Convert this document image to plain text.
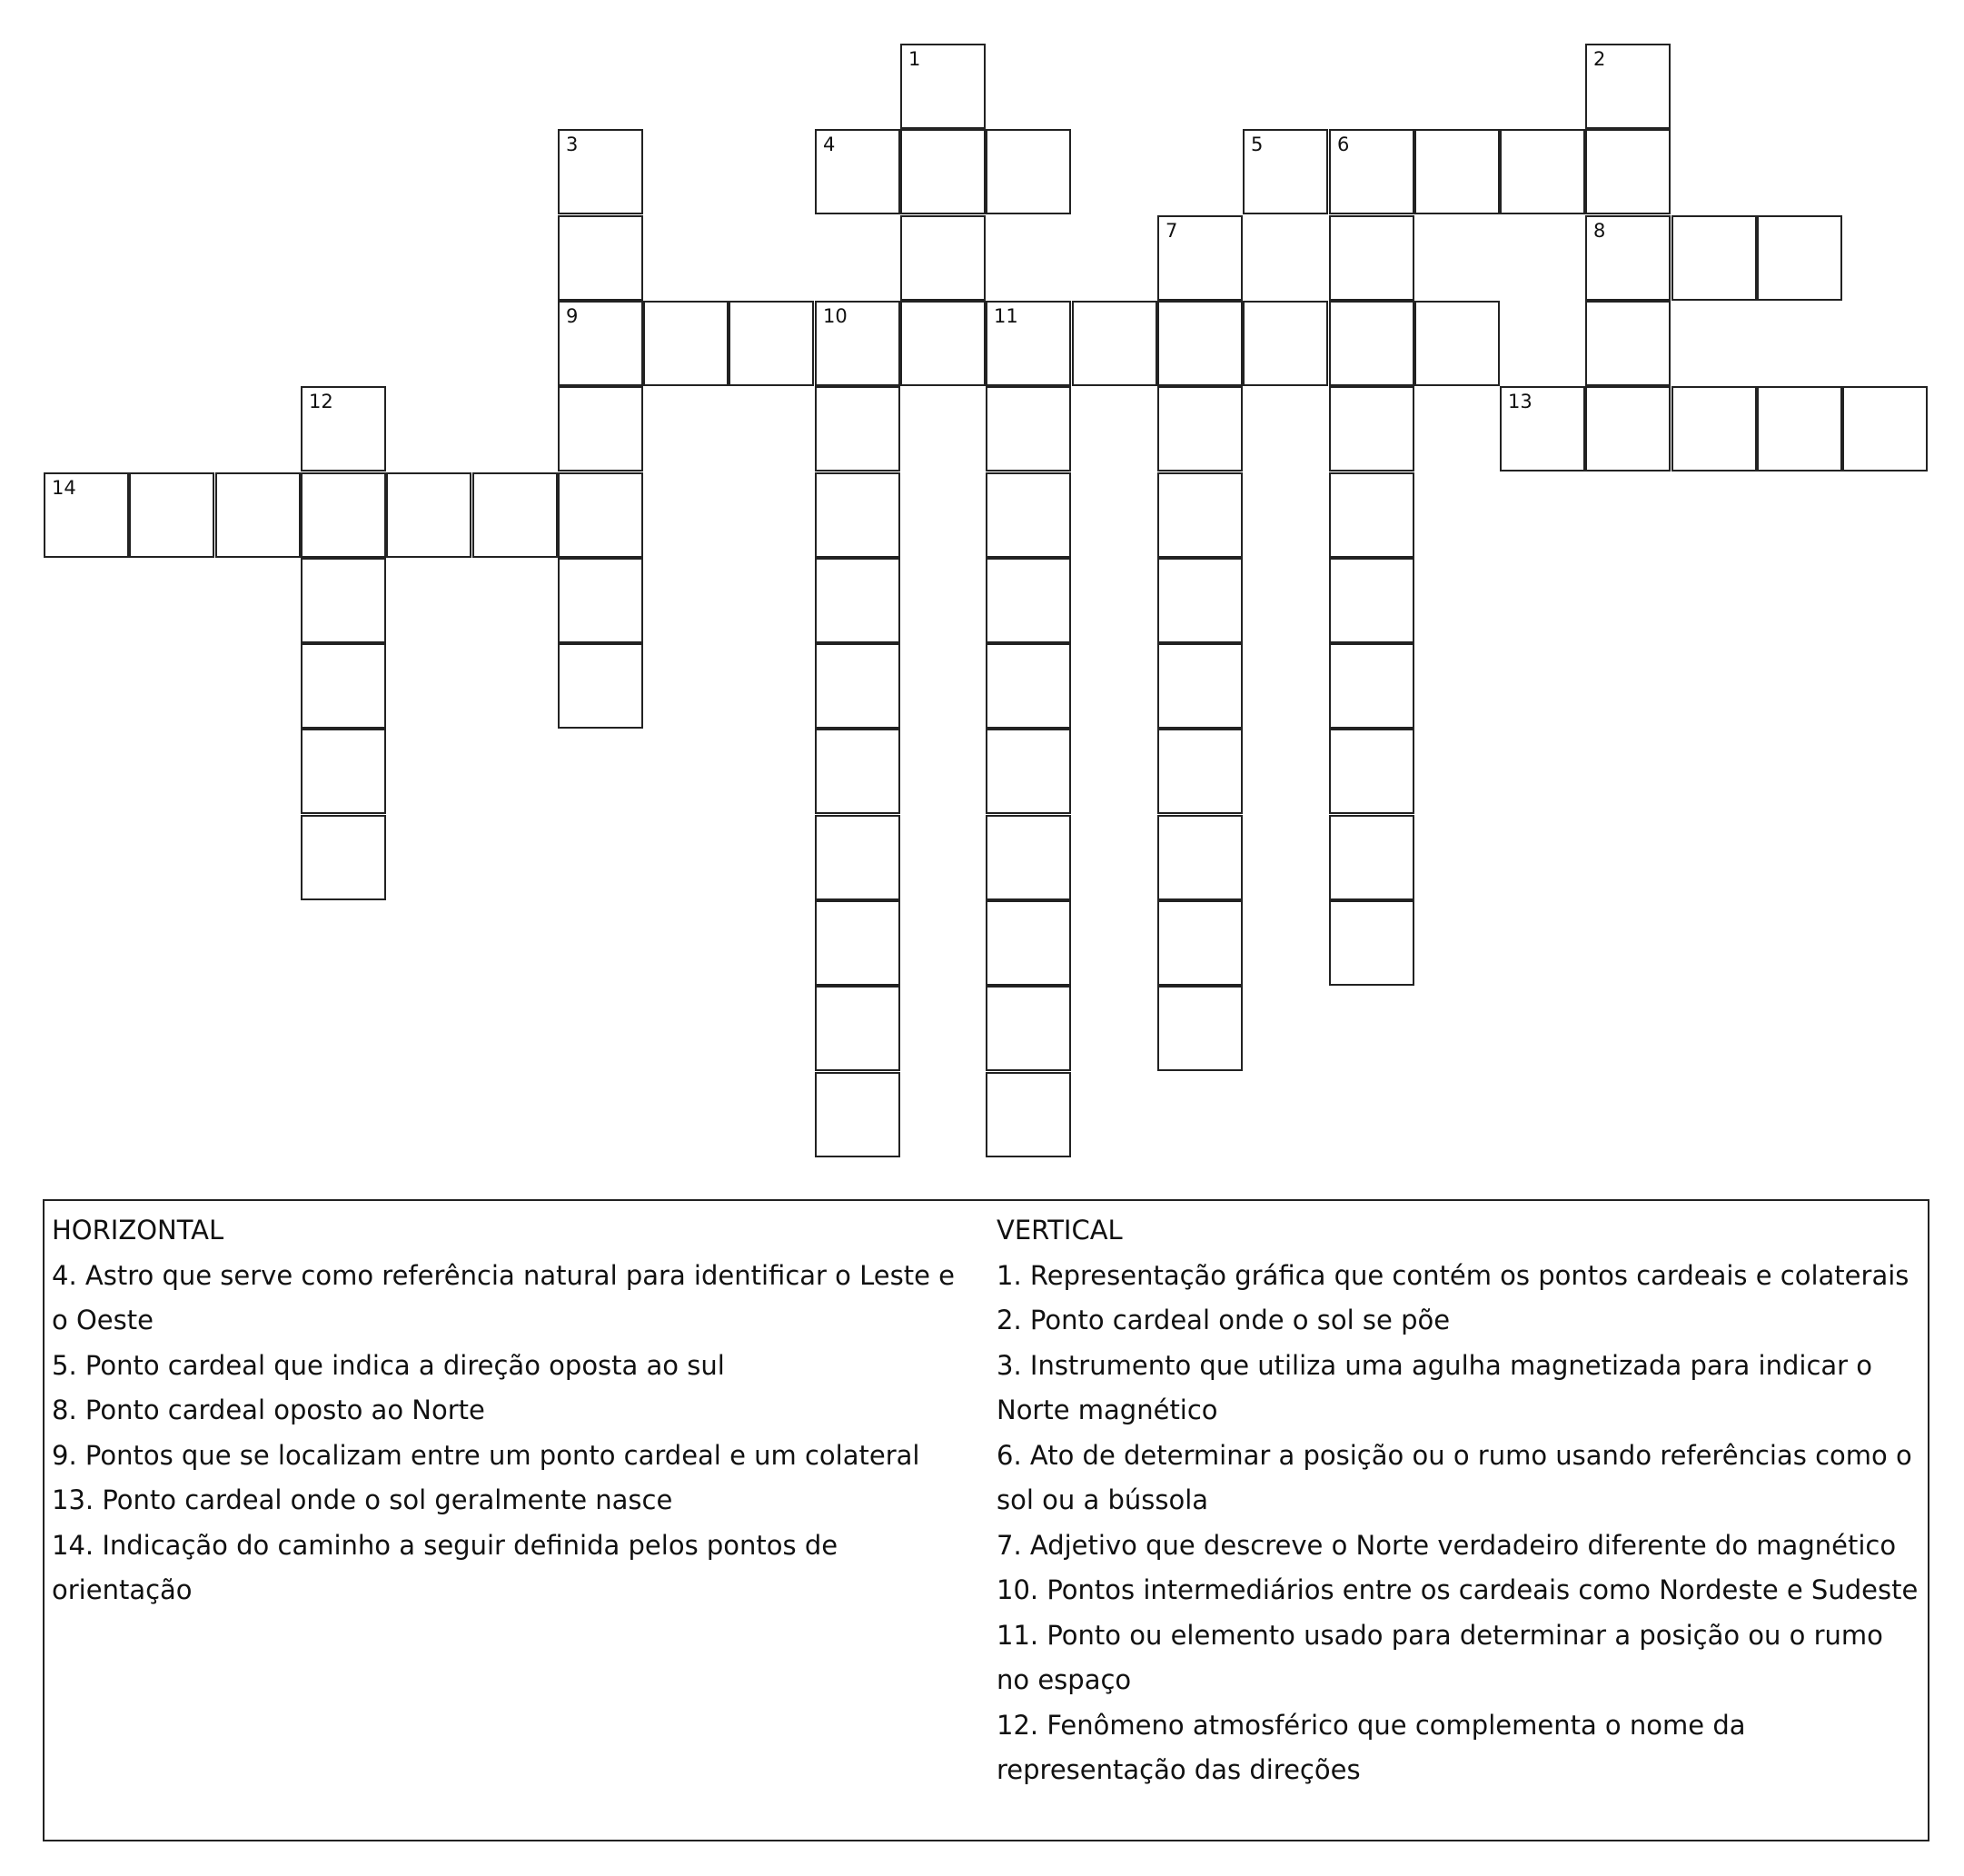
1	2
8
3
9
4	5	6
7
10	11
12	13
14
HORIZONTAL

4. Astro que serve como referência natural para identificar o Leste e o Oeste

5. Ponto cardeal que indica a direção oposta ao sul

8. Ponto cardeal oposto ao Norte

9. Pontos que se localizam entre um ponto cardeal e um colateral

13. Ponto cardeal onde o sol geralmente nasce

14. Indicação do caminho a seguir definida pelos pontos de orientação

VERTICAL

1. Representação gráfica que contém os pontos cardeais e colaterais

2. Ponto cardeal onde o sol se põe

3. Instrumento que utiliza uma agulha magnetizada para indicar o Norte magnético

6. Ato de determinar a posição ou o rumo usando referências como o sol ou a bússola

7. Adjetivo que descreve o Norte verdadeiro diferente do magnético

10. Pontos intermediários entre os cardeais como Nordeste e Sudeste

11. Ponto ou elemento usado para determinar a posição ou o rumo no espaço

12. Fenômeno atmosférico que complementa o nome da representação das direções
